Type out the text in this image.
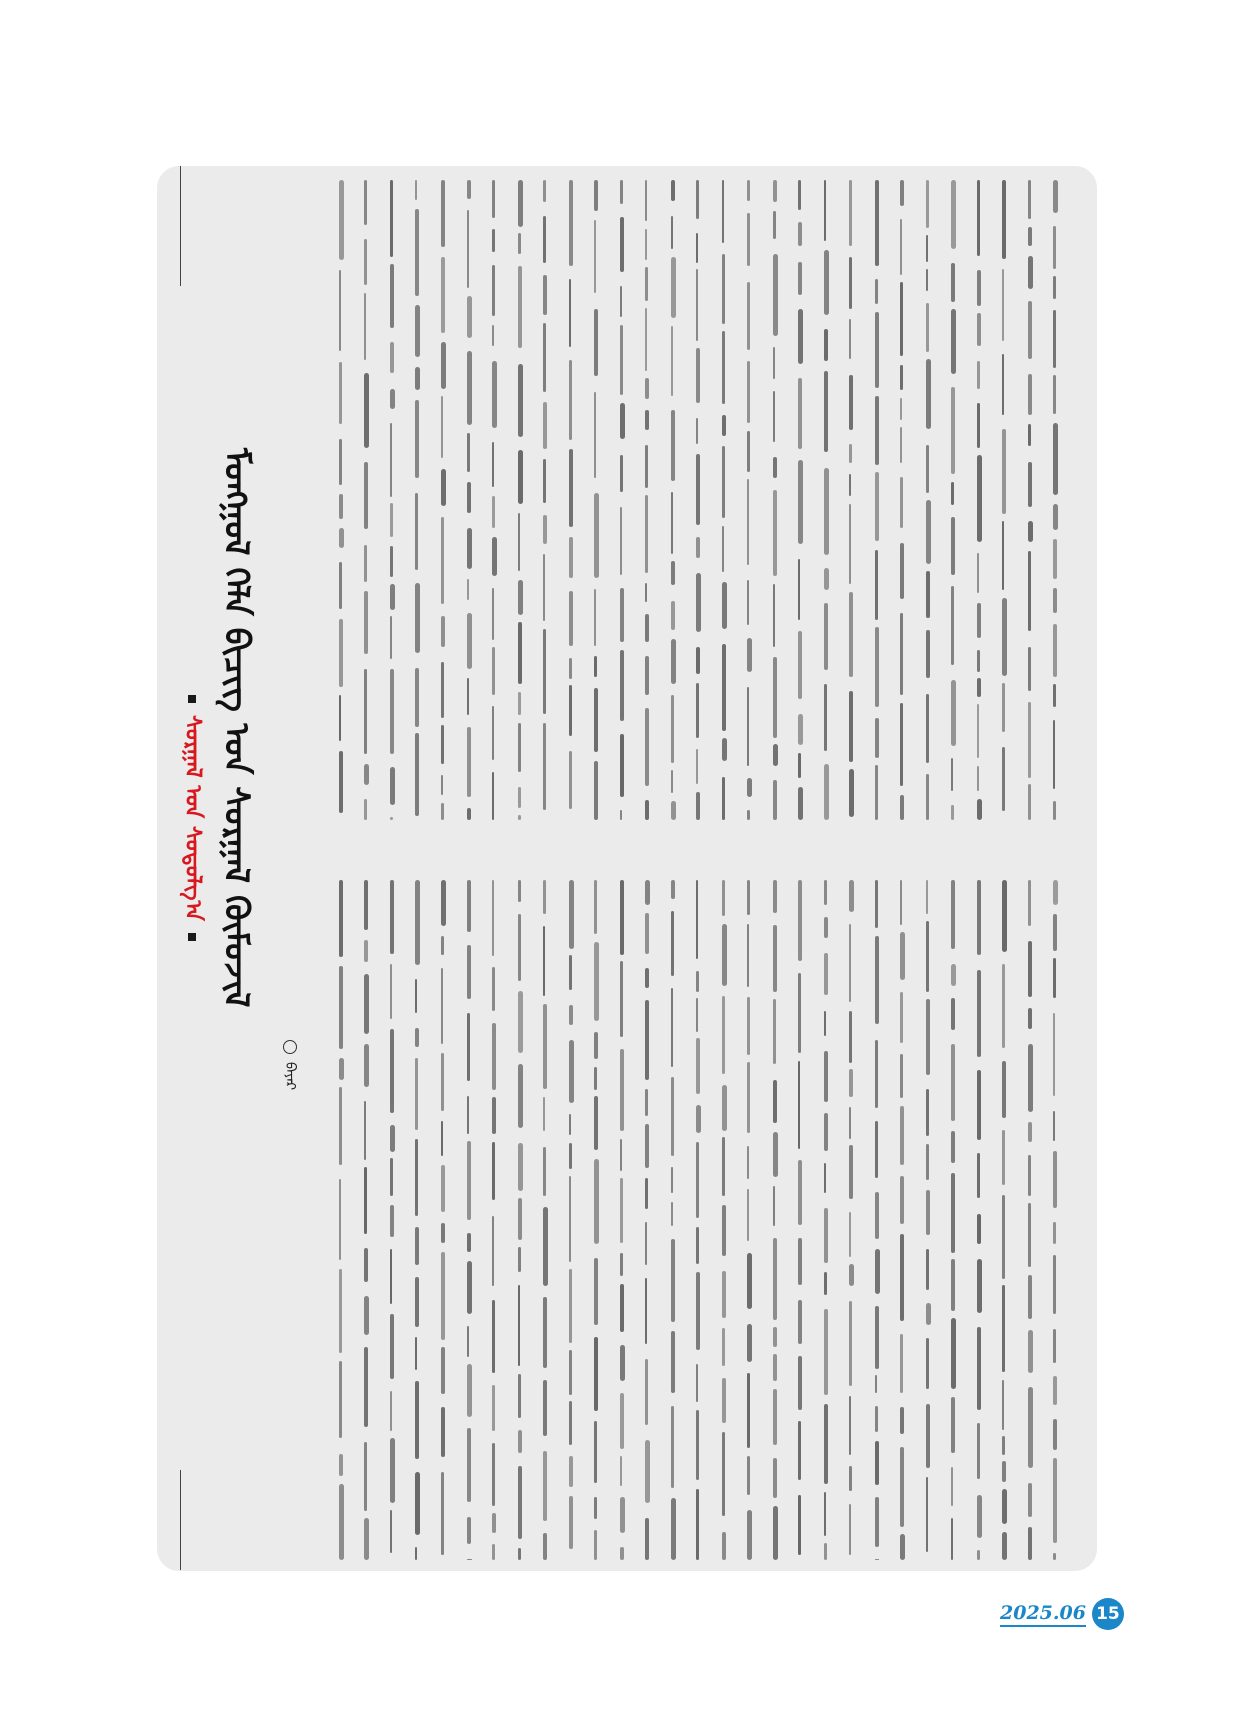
ᠮᠣᠩᠭᠣᠯ ᠬᠡᠯᠡ ᠪᠢᠴᠢᠭ ᠤᠨ ᠰᠤᠷᠭᠠᠯ ᠬᠦᠮᠦᠵᠢᠯ
ᠰᠤᠷᠭᠠᠯ ᠤᠨ ᠰᠣᠳᠤᠯᠭ᠎ᠠ
ᠪᠠᠶᠠᠷ
2025.06 15
